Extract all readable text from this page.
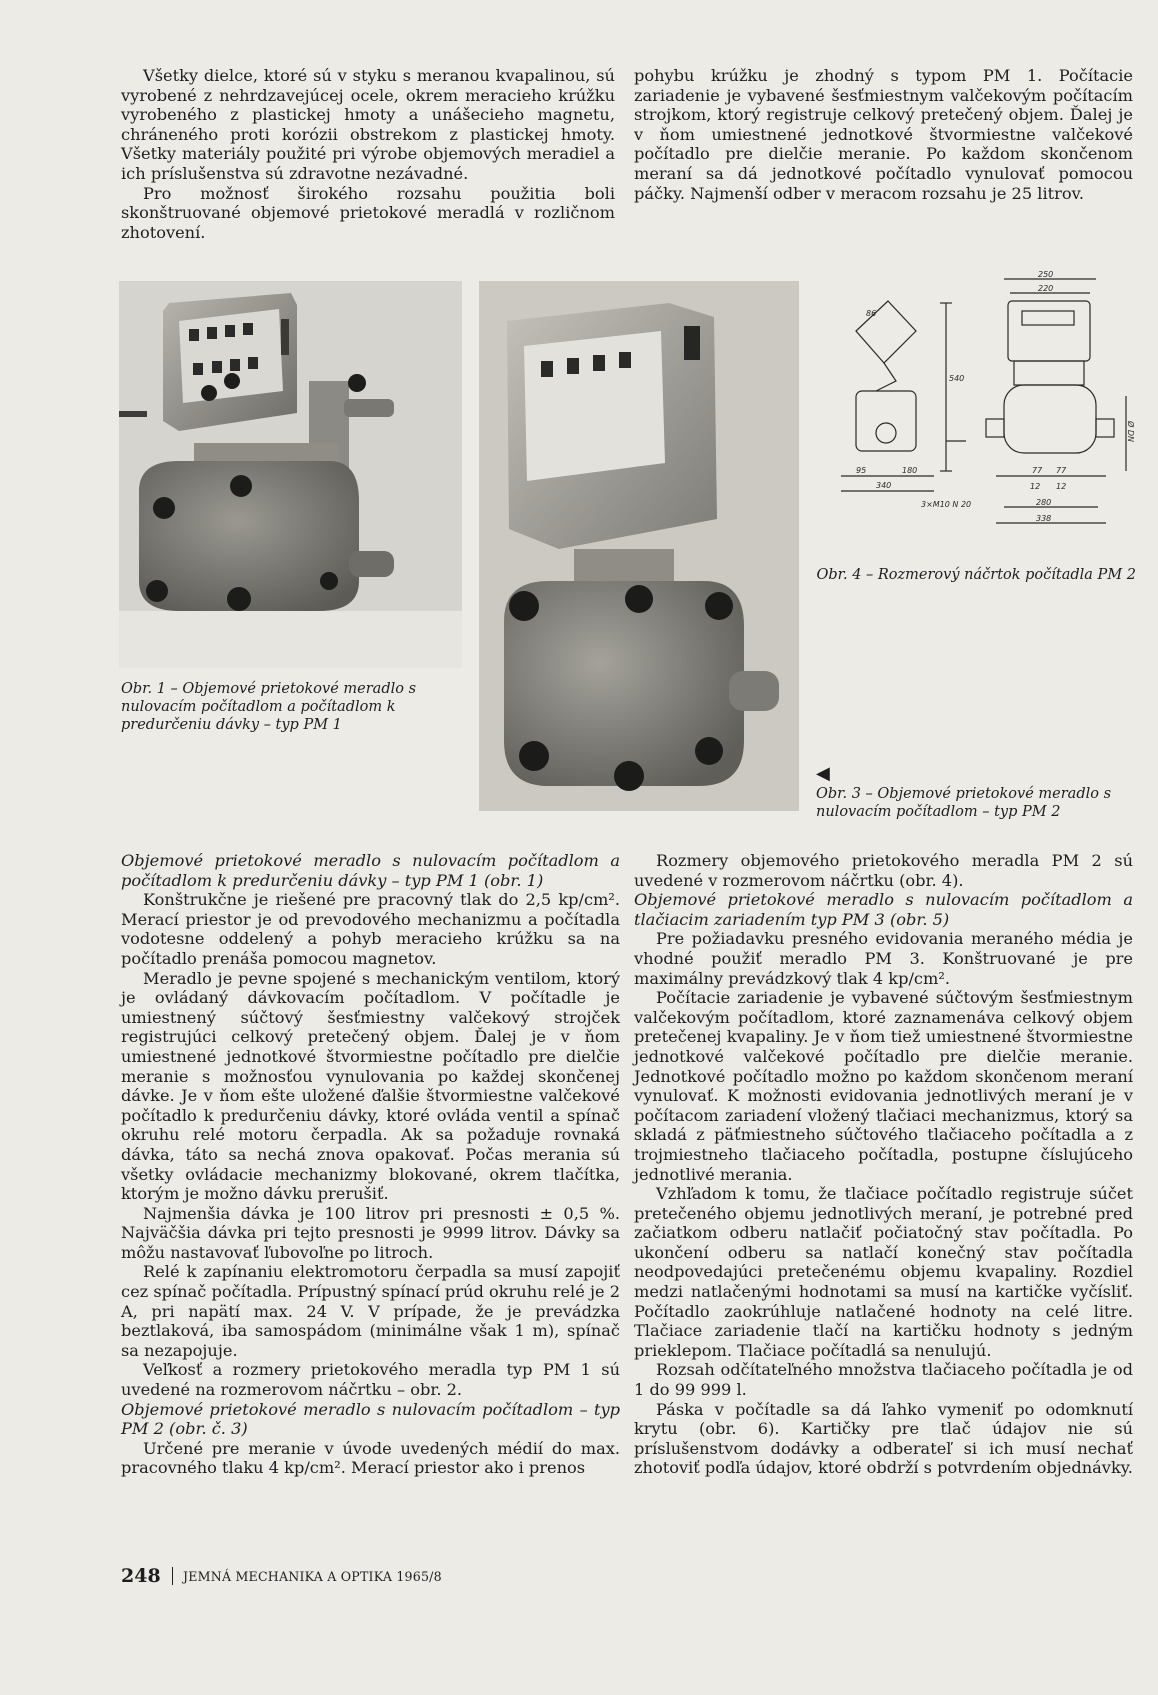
Všetky dielce, ktoré sú v styku s meranou kvapalinou, sú vyrobené z nehrdzavejúcej ocele, okrem meracieho krúžku vyrobeného z plastickej hmoty a unášecieho magnetu, chráneného proti korózii obstrekom z plastickej hmoty. Všetky materiály použité pri výrobe objemových meradiel a ich príslušenstva sú zdravotne nezávadné.

Pro možnosť širokého rozsahu použitia boli skonštruované objemové prietokové meradlá v rozličnom zhotovení.

pohybu krúžku je zhodný s typom PM 1. Počítacie zariadenie je vybavené šesťmiestnym valčekovým počítacím strojkom, ktorý registruje celkový pretečený objem. Ďalej je v ňom umiestnené jednotkové štvormiestne valčekové počítadlo pre dielčie meranie. Po každom skončenom meraní sa dá jednotkové počítadlo vynulovať pomocou páčky. Najmenší odber v meracom rozsahu je 25 litrov.

Obr. 1 – Objemové prietokové meradlo s nulovacím počítadlom a počítadlom k predurčeniu dávky – typ PM 1
◀
Obr. 3 – Objemové prietokové meradlo s nulovacím počítadlom – typ PM 2
250
220
540
86
95	180
340
77 77
12 12
280
338
3×M10 N 20
Ø DN
Obr. 4 – Rozmerový náčrtok počítadla PM 2

Objemové prietokové meradlo s nulovacím počítadlom a počítadlom k predurčeniu dávky – typ PM 1 (obr. 1)

Konštrukčne je riešené pre pracovný tlak do 2,5 kp/cm². Merací priestor je od prevodového mechanizmu a počítadla vodotesne oddelený a pohyb meracieho krúžku sa na počítadlo prenáša pomocou magnetov.

Meradlo je pevne spojené s mechanickým ventilom, ktorý je ovládaný dávkovacím počítadlom. V počítadle je umiestnený súčtový šesťmiestny valčekový strojček registrujúci celkový pretečený objem. Ďalej je v ňom umiestnené jednotkové štvormiestne počítadlo pre dielčie meranie s možnosťou vynulovania po každej skončenej dávke. Je v ňom ešte uložené ďalšie štvormiestne valčekové počítadlo k predurčeniu dávky, ktoré ovláda ventil a spínač okruhu relé motoru čerpadla. Ak sa požaduje rovnaká dávka, táto sa nechá znova opakovať. Počas merania sú všetky ovládacie mechanizmy blokované, okrem tlačítka, ktorým je možno dávku prerušiť.

Najmenšia dávka je 100 litrov pri presnosti ± 0,5 %. Najväčšia dávka pri tejto presnosti je 9999 litrov. Dávky sa môžu nastavovať ľubovoľne po litroch.

Relé k zapínaniu elektromotoru čerpadla sa musí zapojiť cez spínač počítadla. Prípustný spínací prúd okruhu relé je 2 A, pri napätí max. 24 V. V prípade, že je prevádzka beztlaková, iba samospádom (minimálne však 1 m), spínač sa nezapojuje.

Veľkosť a rozmery prietokového meradla typ PM 1 sú uvedené na rozmerovom náčrtku – obr. 2.

Objemové prietokové meradlo s nulovacím počítadlom – typ PM 2 (obr. č. 3)

Určené pre meranie v úvode uvedených médií do max. pracovného tlaku 4 kp/cm². Merací priestor ako i prenos

Rozmery objemového prietokového meradla PM 2 sú uvedené v rozmerovom náčrtku (obr. 4).

Objemové prietokové meradlo s nulovacím počítadlom a tlačiacim zariadením typ PM 3 (obr. 5)

Pre požiadavku presného evidovania meraného média je vhodné použiť meradlo PM 3. Konštruované je pre maximálny prevádzkový tlak 4 kp/cm².

Počítacie zariadenie je vybavené súčtovým šesťmiestnym valčekovým počítadlom, ktoré zaznamenáva celkový objem pretečenej kvapaliny. Je v ňom tiež umiestnené štvormiestne jednotkové valčekové počítadlo pre dielčie meranie. Jednotkové počítadlo možno po každom skončenom meraní vynulovať. K možnosti evidovania jednotlivých meraní je v počítacom zariadení vložený tlačiaci mechanizmus, ktorý sa skladá z päťmiestneho súčtového tlačiaceho počítadla a z trojmiestneho tlačiaceho počítadla, postupne číslujúceho jednotlivé merania.

Vzhľadom k tomu, že tlačiace počítadlo registruje súčet pretečeného objemu jednotlivých meraní, je potrebné pred začiatkom odberu natlačiť počiatočný stav počítadla. Po ukončení odberu sa natlačí konečný stav počítadla neodpovedajúci pretečenému objemu kvapaliny. Rozdiel medzi natlačenými hodnotami sa musí na kartičke vyčísliť. Počítadlo zaokrúhluje natlačené hodnoty na celé litre. Tlačiace zariadenie tlačí na kartičku hodnoty s jedným prieklepom. Tlačiace počítadlá sa nenulujú.

Rozsah odčítateľného množstva tlačiaceho počítadla je od 1 do 99 999 l.

Páska v počítadle sa dá ľahko vymeniť po odomknutí krytu (obr. 6). Kartičky pre tlač údajov nie sú príslušenstvom dodávky a odberateľ si ich musí nechať zhotoviť podľa údajov, ktoré obdrží s potvrdením objednávky.

248 JEMNÁ MECHANIKA A OPTIKA 1965/8
